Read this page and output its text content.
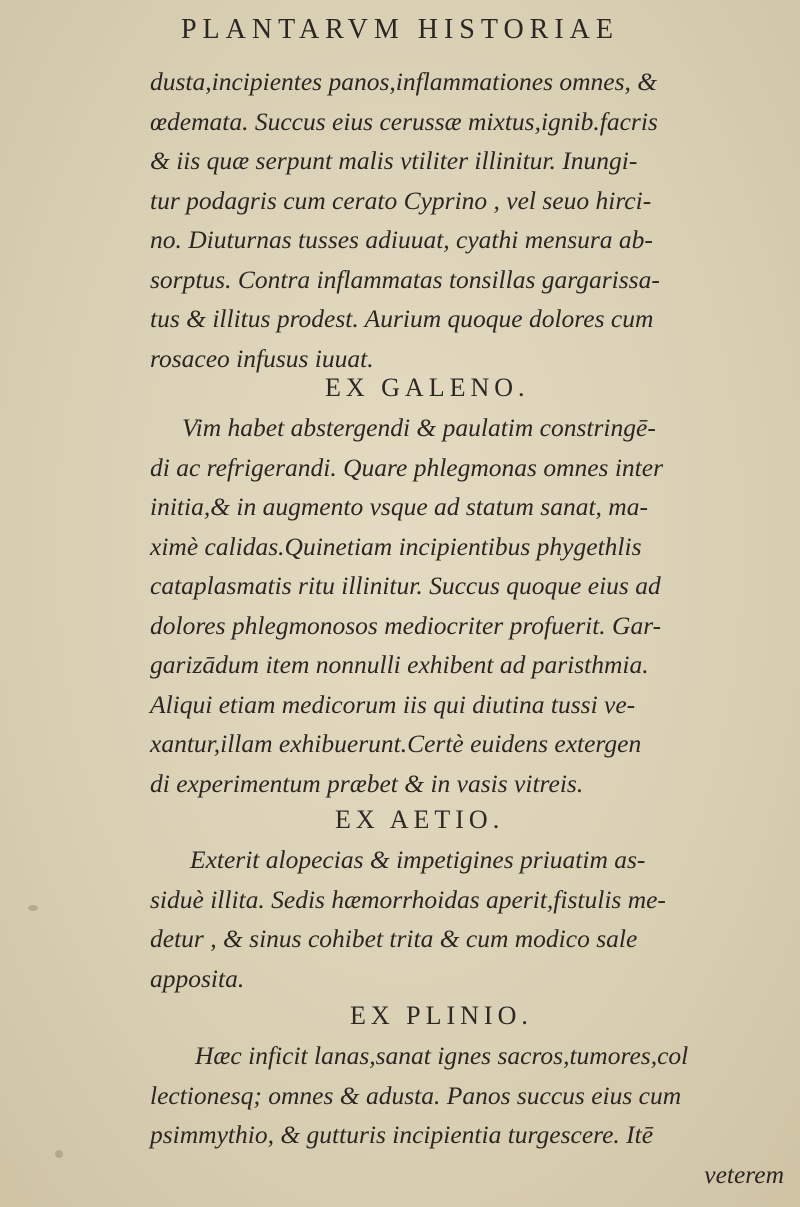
PLANTARVM HISTORIAE
dusta,incipientes panos,inflammationes omnes, &
œdemata. Succus eius cerussæ mixtus,ignib.facris
& iis quæ serpunt malis vtiliter illinitur. Inungi-
tur podagris cum cerato Cyprino , vel seuo hirci-
no. Diuturnas tusses adiuuat, cyathi mensura ab-
sorptus. Contra inflammatas tonsillas gargarissa-
tus & illitus prodest. Aurium quoque dolores cum
rosaceo infusus iuuat.
EX GALENO.
Vim habet abstergendi & paulatim constringē-
di ac refrigerandi. Quare phlegmonas omnes inter
initia,& in augmento vsque ad statum sanat, ma-
ximè calidas.Quinetiam incipientibus phygethlis
cataplasmatis ritu illinitur. Succus quoque eius ad
dolores phlegmonosos mediocriter profuerit. Gar-
garizādum item nonnulli exhibent ad paristhmia.
Aliqui etiam medicorum iis qui diutina tussi ve-
xantur,illam exhibuerunt.Certè euidens extergen
di experimentum præbet & in vasis vitreis.
EX AETIO.
Exterit alopecias & impetigines priuatim as-
siduè illita. Sedis hæmorrhoidas aperit,fistulis me-
detur , & sinus cohibet trita & cum modico sale
apposita.
EX PLINIO.
Hæc inficit lanas,sanat ignes sacros,tumores,col
lectionesq; omnes & adusta. Panos succus eius cum
psimmythio, & gutturis incipientia turgescere. Itē
veterem
